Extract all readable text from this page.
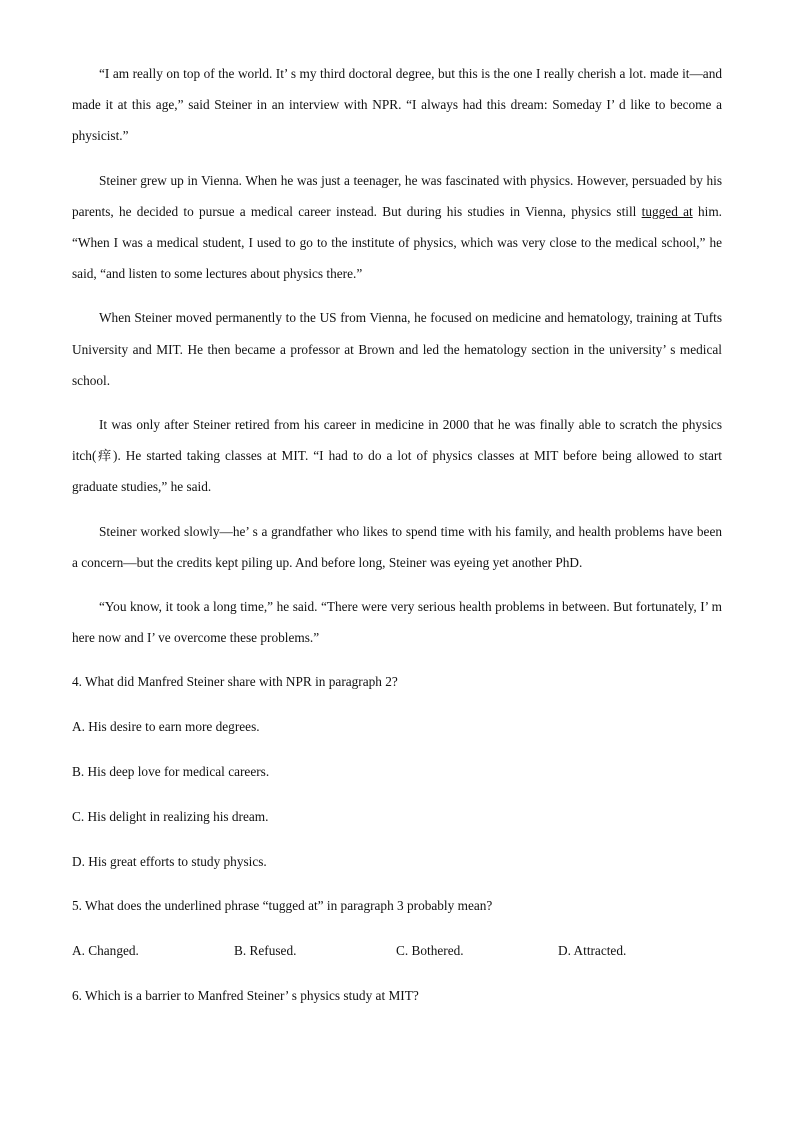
“I am really on top of the world. It’ s my third doctoral degree, but this is the one I really cherish a lot. made it—and made it at this age,” said Steiner in an interview with NPR. “I always had this dream: Someday I’ d like to become a physicist.”

Steiner grew up in Vienna. When he was just a teenager, he was fascinated with physics. However, persuaded by his parents, he decided to pursue a medical career instead. But during his studies in Vienna, physics still tugged at him. “When I was a medical student, I used to go to the institute of physics, which was very close to the medical school,” he said, “and listen to some lectures about physics there.”

When Steiner moved permanently to the US from Vienna, he focused on medicine and hematology, training at Tufts University and MIT. He then became a professor at Brown and led the hematology section in the university’ s medical school.

It was only after Steiner retired from his career in medicine in 2000 that he was finally able to scratch the physics itch(痒). He started taking classes at MIT. “I had to do a lot of physics classes at MIT before being allowed to start graduate studies,” he said.

Steiner worked slowly—he’ s a grandfather who likes to spend time with his family, and health problems have been a concern—but the credits kept piling up. And before long, Steiner was eyeing yet another PhD.

“You know, it took a long time,” he said. “There were very serious health problems in between. But fortunately, I’ m here now and I’ ve overcome these problems.”

4. What did Manfred Steiner share with NPR in paragraph 2?
A. His desire to earn more degrees.
B. His deep love for medical careers.
C. His delight in realizing his dream.
D. His great efforts to study physics.
5. What does the underlined phrase “tugged at” in paragraph 3 probably mean?
A. Changed.	B. Refused.	C. Bothered.	D. Attracted.
6. Which is a barrier to Manfred Steiner’ s physics study at MIT?
